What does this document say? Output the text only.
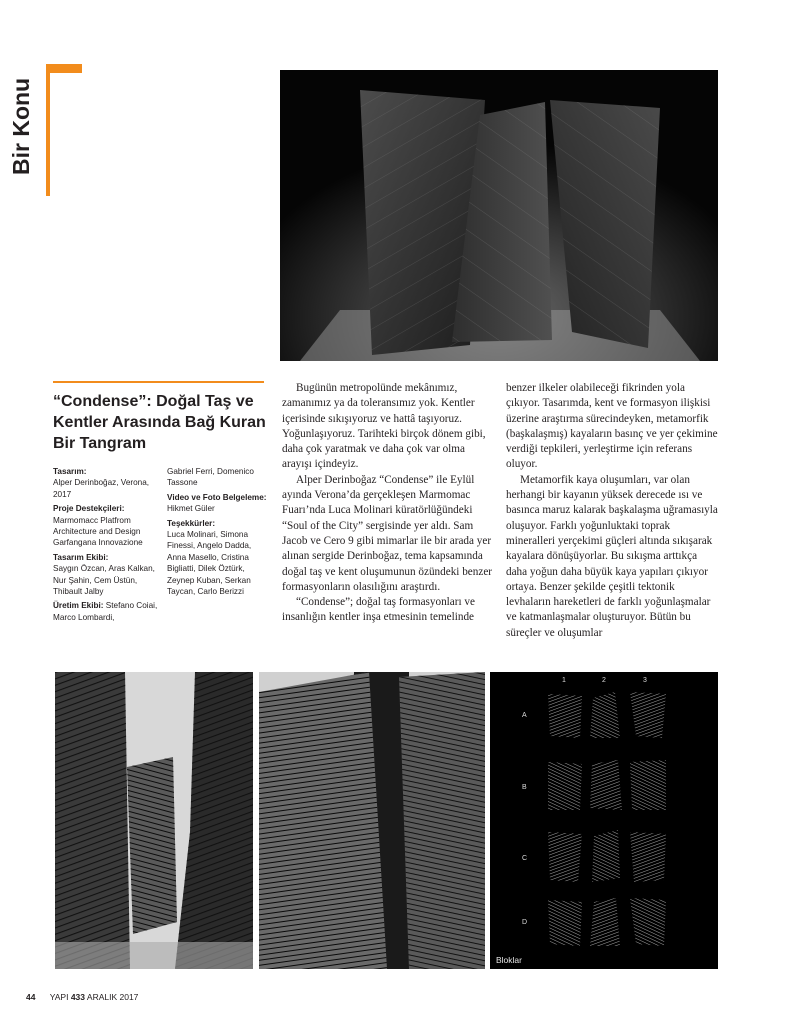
Bir Konu
“Condense”: Doğal Taş ve Kentler Arasında Bağ Kuran Bir Tangram

Tasarım:
Alper Derinboğaz, Verona, 2017

Proje Destekçileri:
Marmomacc Platfrom Architecture and Design Garfangana Innovazione

Tasarım Ekibi:
Saygın Özcan, Aras Kalkan, Nur Şahin, Cem Üstün, Thibault Jalby

Üretim Ekibi: Stefano Coiai, Marco Lombardi,

Gabriel Ferri, Domenico Tassone

Video ve Foto Belgeleme:
Hikmet Güler

Teşekkürler:
Luca Molinari, Simona Finessi, Angelo Dadda, Anna Masello, Cristina Bigliatti, Dilek Öztürk, Zeynep Kuban, Serkan Taycan, Carlo Berizzi

Bugünün metropolünde mekânımız, zamanımız ya da toleransımız yok. Kentler içerisinde sıkışıyoruz ve hattâ taşıyoruz. Yoğunlaşıyoruz. Tarihteki birçok dönem gibi, daha çok yaratmak ve daha çok var olma arayışı içindeyiz.

Alper Derinboğaz “Condense” ile Eylül ayında Verona’da gerçekleşen Marmomac Fuarı’nda Luca Molinari küratörlüğündeki “Soul of the City” sergisinde yer aldı. Sam Jacob ve Cero 9 gibi mimarlar ile bir arada yer alınan sergide Derinboğaz, tema kapsamında doğal taş ve kent oluşumunun özündeki benzer formasyonların olasılığını araştırdı.

“Condense”; doğal taş formasyonları ve insanlığın kentler inşa etmesinin temelinde

benzer ilkeler olabileceği fikrinden yola çıkıyor. Tasarımda, kent ve formasyon ilişkisi üzerine araştırma sürecindeyken, metamorfik (başkalaşmış) kayaların basınç ve yer çekimine verdiği tepkileri, yerleştirme için referans oluyor.

Metamorfik kaya oluşumları, var olan herhangi bir kayanın yüksek derecede ısı ve basınca maruz kalarak başkalaşma uğramasıyla oluşuyor. Farklı yoğunluktaki toprak mineralleri yerçekimi güçleri altında sıkışarak kayalara dönüşüyorlar. Bu sıkışma arttıkça daha yoğun daha büyük kaya yapıları çıkıyor ortaya. Benzer şekilde çeşitli tektonik levhaların hareketleri de farklı yoğunlaşmalar ve katmanlaşmalar oluşturuyor. Bütün bu süreçler ve oluşumlar

1	2	3
A
B
C
D
Bloklar
44 YAPI 433 ARALIK 2017
